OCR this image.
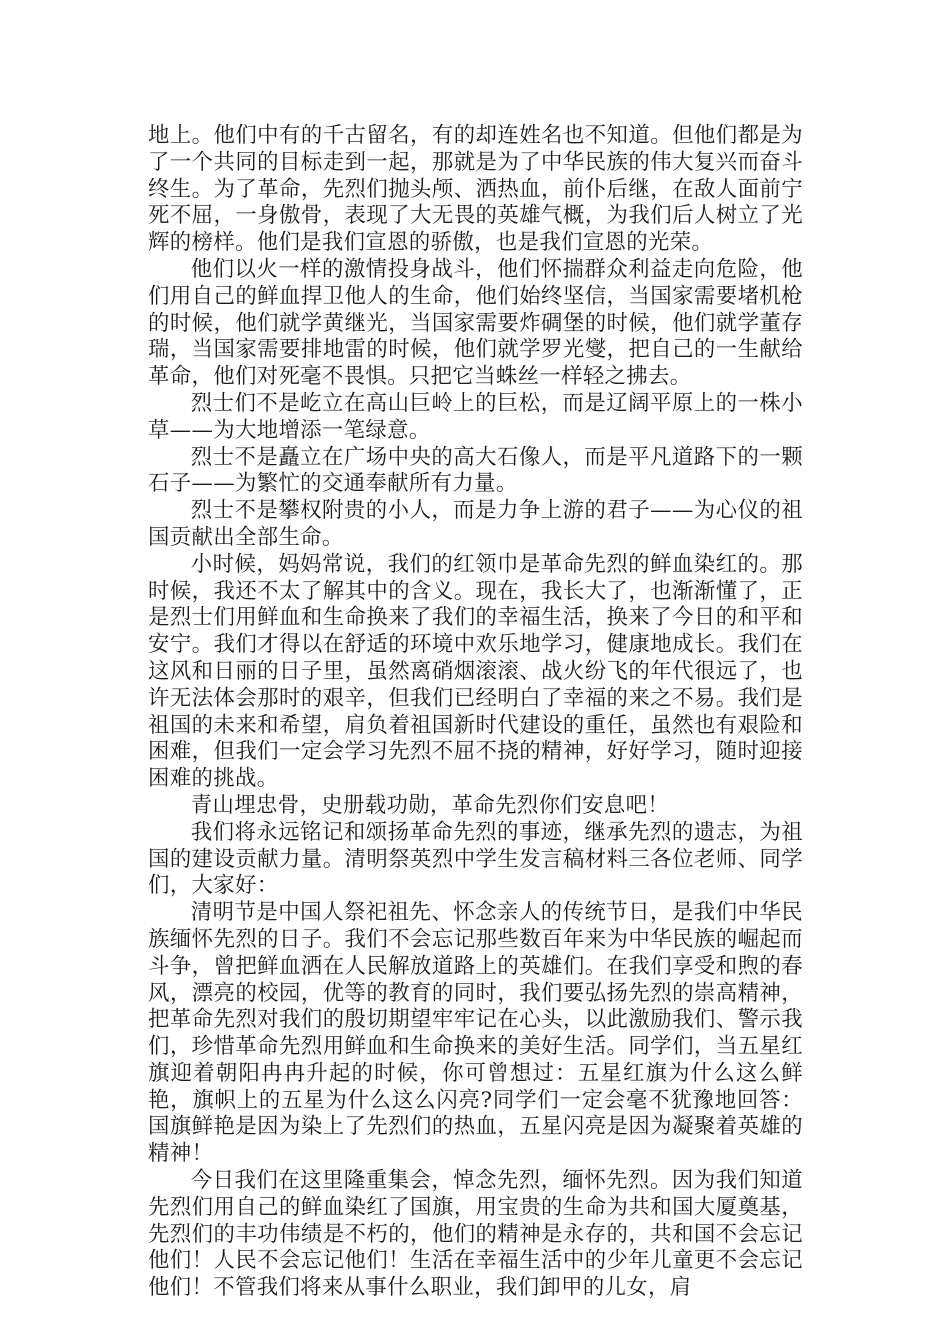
地上。他们中有的千古留名，有的却连姓名也不知道。但他们都是为了一个共同的目标走到一起，那就是为了中华民族的伟大复兴而奋斗终生。为了革命，先烈们抛头颅、洒热血，前仆后继，在敌人面前宁死不屈，一身傲骨，表现了大无畏的英雄气概，为我们后人树立了光辉的榜样。他们是我们宣恩的骄傲，也是我们宣恩的光荣。

他们以火一样的激情投身战斗，他们怀揣群众利益走向危险，他们用自己的鲜血捍卫他人的生命，他们始终坚信，当国家需要堵机枪的时候，他们就学黄继光，当国家需要炸碉堡的时候，他们就学董存瑞，当国家需要排地雷的时候，他们就学罗光燮，把自己的一生献给革命，他们对死毫不畏惧。只把它当蛛丝一样轻之拂去。

烈士们不是屹立在高山巨岭上的巨松，而是辽阔平原上的一株小草——为大地增添一笔绿意。

烈士不是矗立在广场中央的高大石像人，而是平凡道路下的一颗石子——为繁忙的交通奉献所有力量。

烈士不是攀权附贵的小人，而是力争上游的君子——为心仪的祖国贡献出全部生命。

小时候，妈妈常说，我们的红领巾是革命先烈的鲜血染红的。那时候，我还不太了解其中的含义。现在，我长大了，也渐渐懂了，正是烈士们用鲜血和生命换来了我们的幸福生活，换来了今日的和平和安宁。我们才得以在舒适的环境中欢乐地学习，健康地成长。我们在这风和日丽的日子里，虽然离硝烟滚滚、战火纷飞的年代很远了，也许无法体会那时的艰辛，但我们已经明白了幸福的来之不易。我们是祖国的未来和希望，肩负着祖国新时代建设的重任，虽然也有艰险和困难，但我们一定会学习先烈不屈不挠的精神，好好学习，随时迎接困难的挑战。

青山埋忠骨，史册载功勋，革命先烈你们安息吧！

我们将永远铭记和颂扬革命先烈的事迹，继承先烈的遗志，为祖国的建设贡献力量。清明祭英烈中学生发言稿材料三各位老师、同学们，大家好：

清明节是中国人祭祀祖先、怀念亲人的传统节日，是我们中华民族缅怀先烈的日子。我们不会忘记那些数百年来为中华民族的崛起而斗争，曾把鲜血洒在人民解放道路上的英雄们。在我们享受和煦的春风，漂亮的校园，优等的教育的同时，我们要弘扬先烈的崇高精神，把革命先烈对我们的殷切期望牢牢记在心头，以此激励我们、警示我们，珍惜革命先烈用鲜血和生命换来的美好生活。同学们，当五星红旗迎着朝阳冉冉升起的时候，你可曾想过：五星红旗为什么这么鲜艳，旗帜上的五星为什么这么闪亮?同学们一定会毫不犹豫地回答：国旗鲜艳是因为染上了先烈们的热血，五星闪亮是因为凝聚着英雄的精神！

今日我们在这里隆重集会，悼念先烈，缅怀先烈。因为我们知道先烈们用自己的鲜血染红了国旗，用宝贵的生命为共和国大厦奠基，先烈们的丰功伟绩是不朽的，他们的精神是永存的，共和国不会忘记他们！人民不会忘记他们！生活在幸福生活中的少年儿童更不会忘记他们！不管我们将来从事什么职业，我们卸甲的儿女，肩
